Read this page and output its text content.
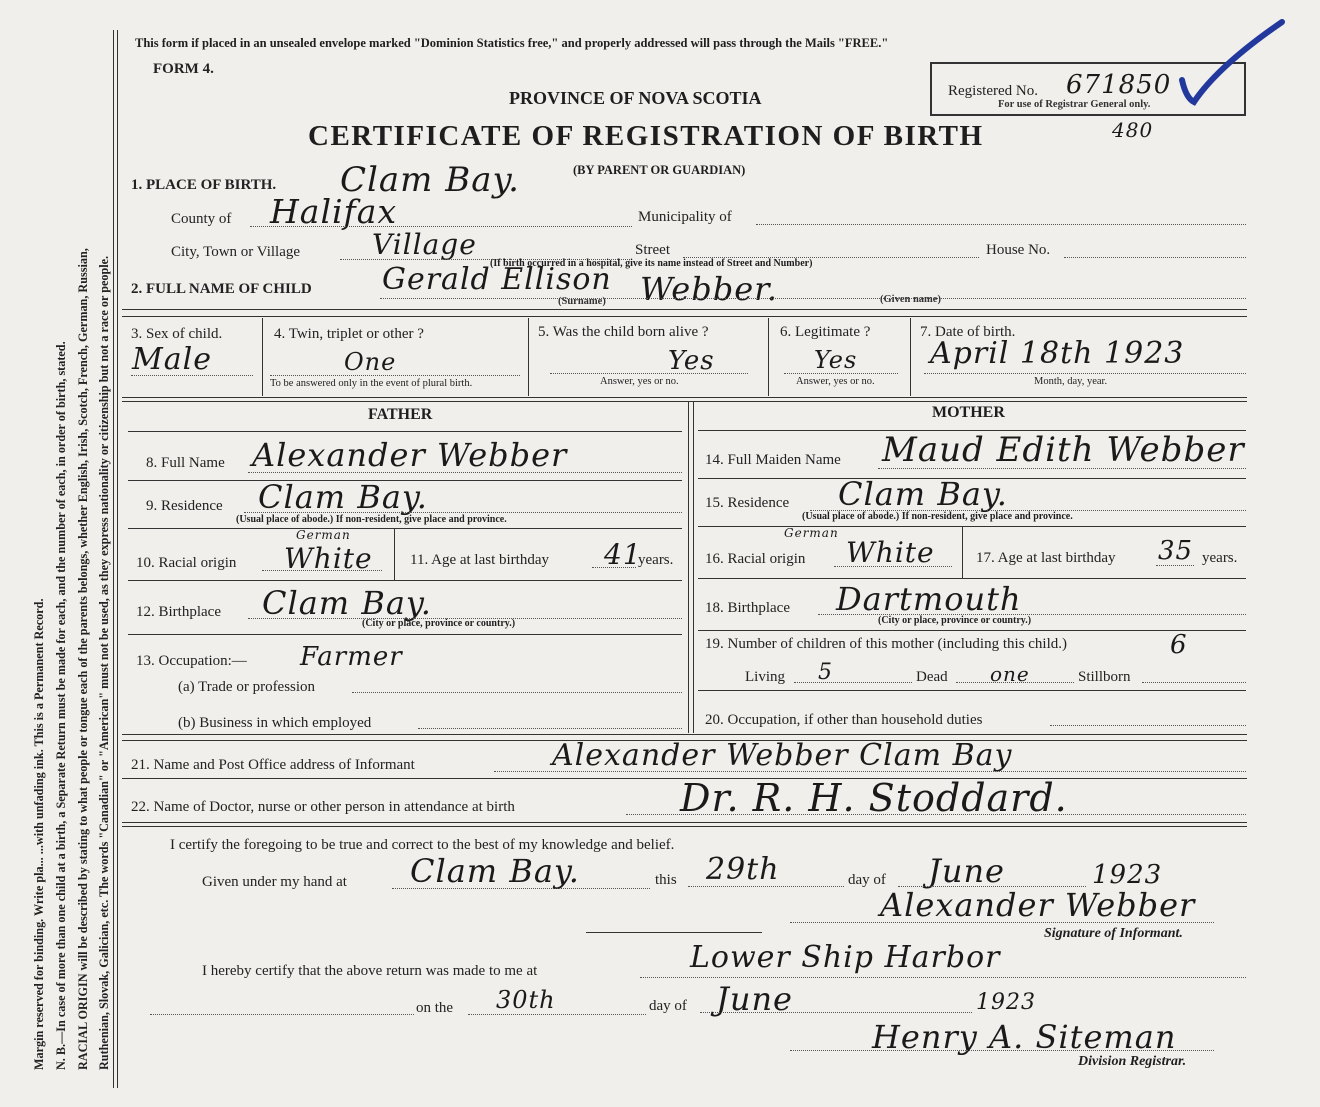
Margin reserved for binding. Write pla... ...with unfading ink. This is a Permanent Record. N. B.—In case of more than one child at a birth, a Separate Return must be made for each, and the number of each, in order of birth, stated. RACIAL ORIGIN will be described by stating to what people or tongue each of the parents belongs, whether English, Irish, Scotch, French, German, Russian, Ruthenian, Slovak, Galician, etc. The words "Canadian" or "American" must not be used, as they express nationality or citizenship but not a race or people.
This form if placed in an unsealed envelope marked "Dominion Statistics free," and properly addressed will pass through the Mails "FREE."
FORM 4.
PROVINCE OF NOVA SCOTIA
CERTIFICATE OF REGISTRATION OF BIRTH
(BY PARENT OR GUARDIAN)
Registered No. 671850
For use of Registrar General only.
480
1. PLACE OF BIRTH. Clam Bay.
County of Halifax	Municipality of
City, Town or Village	Village	Street	House No.
(If birth occurred in a hospital, give its name instead of Street and Number)
2. FULL NAME OF CHILD Gerald Ellison Webber.
(Surname)	(Given name)
3. Sex of child.
Male
4. Twin, triplet or other ?
One
To be answered only in the event of plural birth.
5. Was the child born alive ?
Yes
Answer, yes or no.
6. Legitimate ?
Yes
Answer, yes or no.
7. Date of birth.
April 18th 1923
Month, day, year.
FATHER
8. Full Name Alexander Webber
9. Residence Clam Bay.
(Usual place of abode.) If non-resident, give place and province.
10. Racial origin
German
White 11. Age at last birthday 41
years.
12. Birthplace Clam Bay.
(City or place, province or country.)
13. Occupation:— Farmer
(a) Trade or profession
(b) Business in which employed
MOTHER
14. Full Maiden Name Maud Edith Webber
15. Residence Clam Bay.
(Usual place of abode.) If non-resident, give place and province.
16. Racial origin
German
White	17. Age at last birthday 35 years.
18. Birthplace Dartmouth
(City or place, province or country.)
19. Number of children of this mother (including this child.)	6
Living 5	Dead one	Stillborn
20. Occupation, if other than household duties
21. Name and Post Office address of Informant	Alexander Webber Clam Bay
22. Name of Doctor, nurse or other person in attendance at birth	Dr. R. H. Stoddard.
I certify the foregoing to be true and correct to the best of my knowledge and belief.
Given under my hand at Clam Bay.	this 29th	day of June	1923
Alexander Webber
Signature of Informant.
I hereby certify that the above return was made to me at	Lower Ship Harbor
on the 30th	day of June	1923
Henry A. Siteman
Division Registrar.
